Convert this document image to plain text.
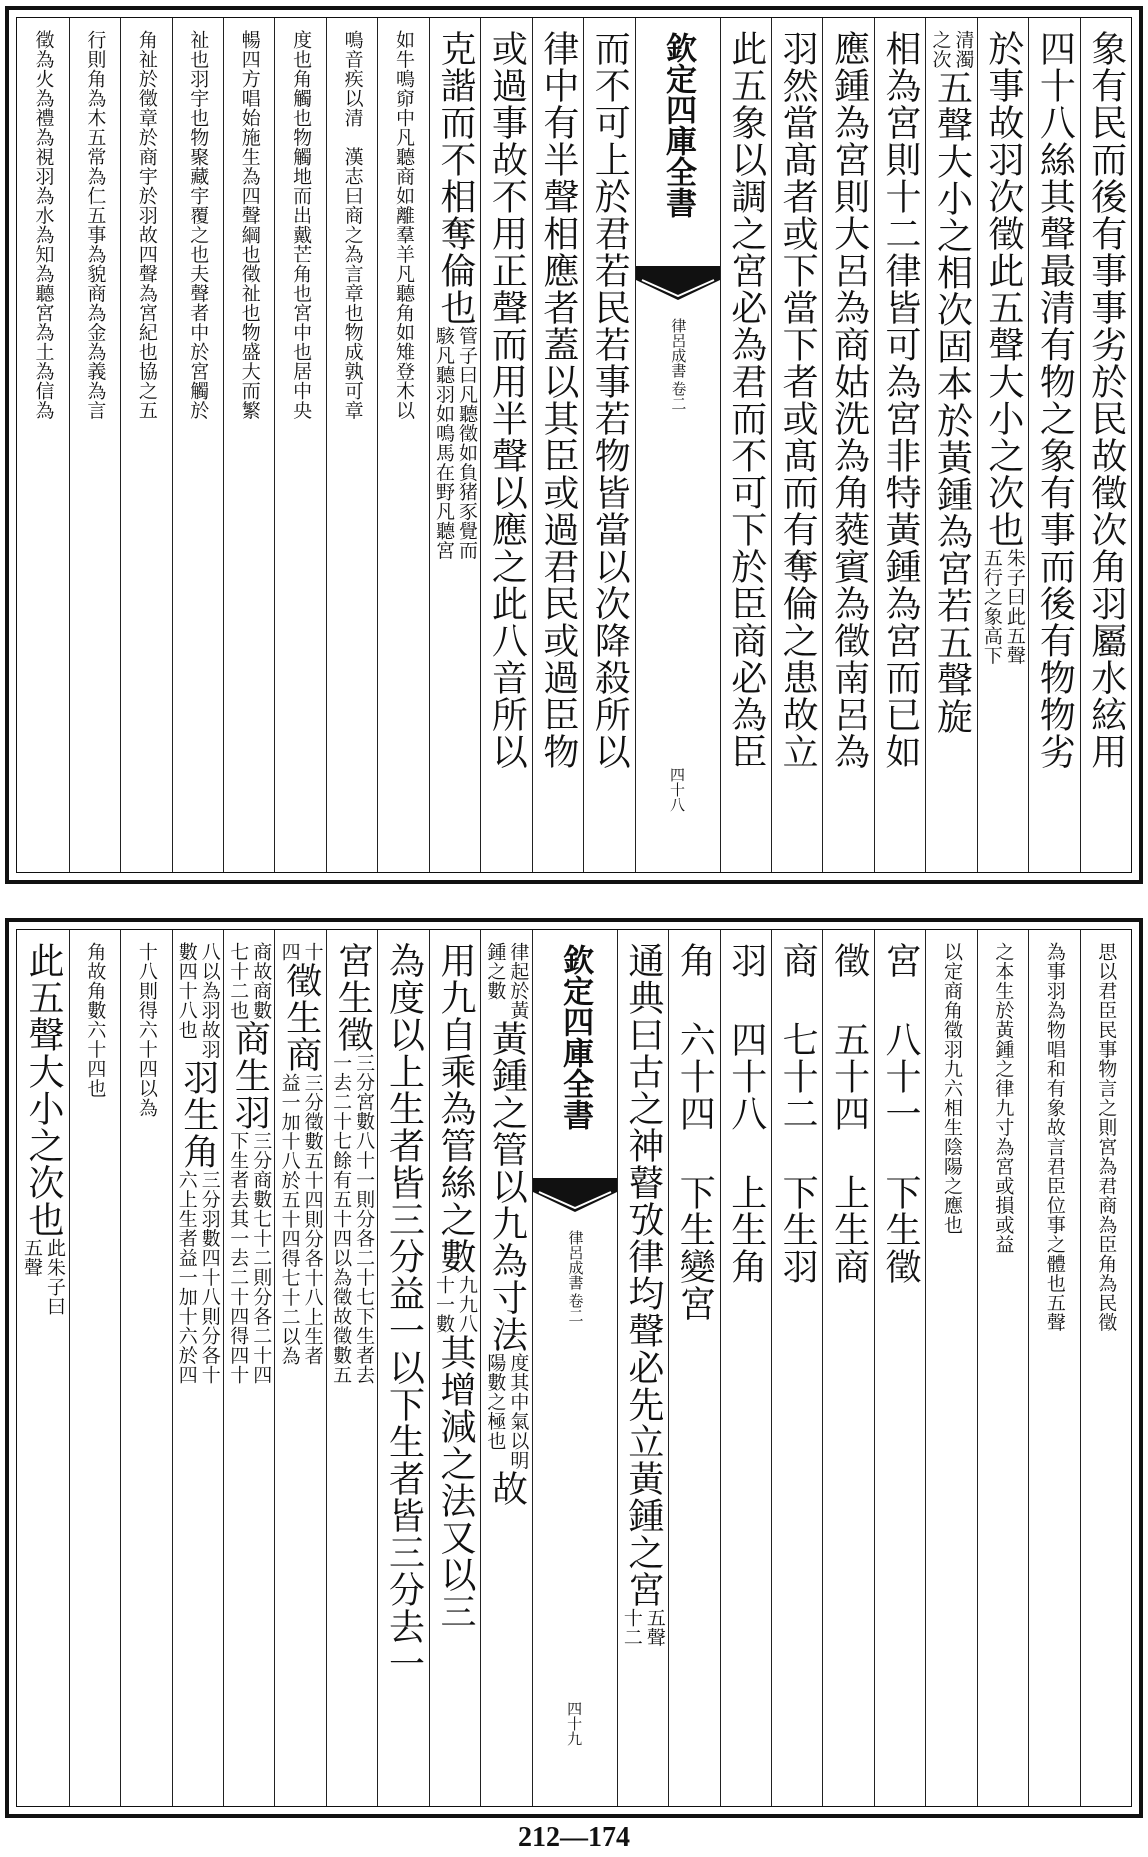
象有民而後有事事劣於民故徵次角羽屬水絃用
四十八絲其聲最清有物之象有事而後有物物劣
於事故羽次徵此五聲大小之次也
朱子曰此五聲
五行之象高下
清濁
之次
五聲大小之相次固本於黃鍾為宮若五聲旋
相為宮則十二律皆可為宮非特黃鍾為宮而已如
應鍾為宮則大呂為商姑洗為角蕤賓為徵南呂為
羽然當髙者或下當下者或髙而有奪倫之患故立
此五象以調之宮必為君而不可下於臣商必為臣
欽定四庫全書
律呂成書
卷二
四十八
而不可上於君若民若事若物皆當以次降殺所以
律中有半聲相應者蓋以其臣或過君民或過臣物
或過事故不用正聲而用半聲以應之此八音所以
克諧而不相奪倫也
管子曰凡聽徵如負猪豕覺而
駭凡聽羽如鳴馬在野凡聽宮
如牛鳴窌中凡聽商如離羣羊凡聽角如雉登木以
鳴音疾以清　漢志曰商之為言章也物成孰可章
度也角觸也物觸地而出戴芒角也宮中也居中央
暢四方唱始施生為四聲綱也徵祉也物盛大而繁
祉也羽宇也物聚藏宇覆之也夫聲者中於宮觸於
角祉於徵章於商宇於羽故四聲為宮紀也協之五
行則角為木五常為仁五事為貌商為金為義為言
徵為火為禮為視羽為水為知為聽宮為土為信為
思以君臣民事物言之則宮為君商為臣角為民徵
為事羽為物唱和有象故言君臣位事之體也五聲
之本生於黃鍾之律九寸為宮或損或益
以定商角徵羽九六相生陰陽之應也
宮
八十一
下生徵
徵
五十四
上生商
商
七十二
下生羽
羽
四十八
上生角
角
六十四
下生變宮
通典曰古之神瞽攷律均聲必先立黃鍾之宮
五聲
十二
欽定四庫全書
律呂成書
卷二
四十九
律起於黃
鍾之數
黃鍾之管以九為寸法
度其中氣以明
陽數之極也
故
用九自乘為管絲之數
九九八
十一數
其增減之法又以三
為度以上生者皆三分益一以下生者皆三分去一
宮生徵
三分宮數八十一則分各二十七下生者去
一去二十七餘有五十四以為徵故徵數五
十
四
徵生商
三分徵數五十四則分各十八上生者
益一加十八於五十四得七十二以為
商故商數
七十二也
商生羽
三分商數七十二則分各二十四
下生者去其一去二十四得四十
八以為羽故羽
數四十八也
羽生角
三分羽數四十八則分各十
六上生者益一加十六於四
十八則得六十四以為
角故角數六十四也
此五聲大小之次也
此朱子曰
五聲
212—174
